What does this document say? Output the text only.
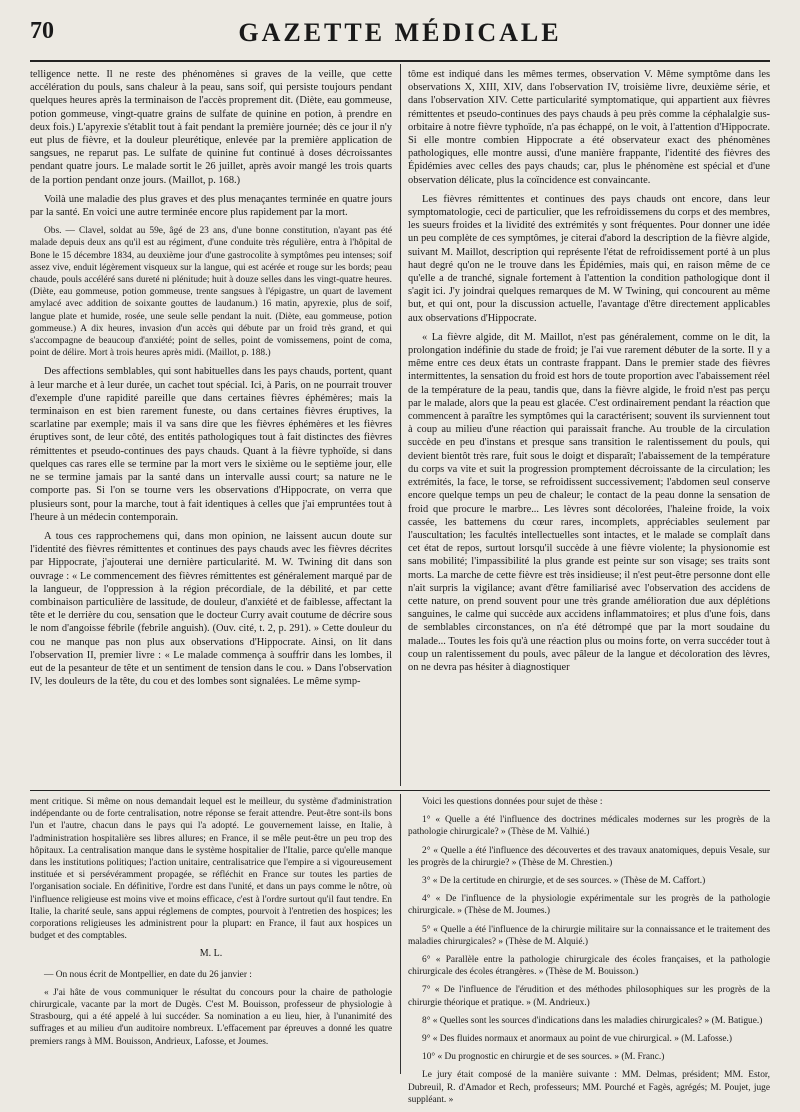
70	GAZETTE MÉDICALE

telligence nette. Il ne reste des phénomènes si graves de la veille, que cette accélération du pouls, sans chaleur à la peau, sans soif, qui persiste toujours pendant quelques heures après la terminaison de l'accès proprement dit. (Diète, eau gommeuse, potion gommeuse, vingt-quatre grains de sulfate de quinine en potion, à prendre en deux fois.) L'apyrexie s'établit tout à fait pendant la première journée; dès ce jour il n'y eut plus de fièvre, et la douleur pleurétique, enlevée par la première application de sangsues, ne reparut pas. Le sulfate de quinine fut continué à doses décroissantes pendant quatre jours. Le malade sortit le 26 juillet, après avoir mangé les trois quarts de la portion pendant onze jours. (Maillot, p. 168.)

Voilà une maladie des plus graves et des plus menaçantes terminée en quatre jours par la santé. En voici une autre terminée encore plus rapidement par la mort.

Obs. — Clavel, soldat au 59e, âgé de 23 ans, d'une bonne constitution, n'ayant pas été malade depuis deux ans qu'il est au régiment, d'une conduite très régulière, entra à l'hôpital de Bone le 15 décembre 1834, au deuxième jour d'une gastrocolite à symptômes peu intenses; soif assez vive, enduit légèrement visqueux sur la langue, qui est acérée et rouge sur les bords; peau chaude, pouls accéléré sans dureté ni plénitude; huit à douze selles dans les vingt-quatre heures. (Diète, eau gommeuse, potion gommeuse, trente sangsues à l'épigastre, un quart de lavement amylacé avec addition de soixante gouttes de laudanum.) 16 matin, apyrexie, plus de soif, langue plate et humide, rosée, une seule selle pendant la nuit. (Diète, eau gommeuse, potion gommeuse.) A dix heures, invasion d'un accès qui débute par un froid très grand, et qui s'accompagne de beaucoup d'anxiété; point de selles, point de vomissemens, point de coma, point de délire. Mort à trois heures après midi. (Maillot, p. 188.)

Des affections semblables, qui sont habituelles dans les pays chauds, portent, quant à leur marche et à leur durée, un cachet tout spécial. Ici, à Paris, on ne pourrait trouver d'exemple d'une rapidité pareille que dans certaines fièvres éphémères; mais la terminaison en est bien rarement funeste, ou dans certaines fièvres éruptives, la scarlatine par exemple; mais il va sans dire que les fièvres éphémères et les fièvres éruptives sont, de leur côté, des entités pathologiques tout à fait distinctes des fièvres rémittentes et pseudo-continues des pays chauds. Quant à la fièvre typhoïde, si dans quelques cas rares elle se termine par la mort vers le sixième ou le septième jour, elle ne se termine jamais par la santé dans un intervalle aussi court; sa nature ne le comporte pas. Si l'on se tourne vers les observations d'Hippocrate, on verra que plusieurs sont, pour la marche, tout à fait identiques à celles que j'ai empruntées tout à l'heure à un médecin contemporain.

A tous ces rapprochemens qui, dans mon opinion, ne laissent aucun doute sur l'identité des fièvres rémittentes et continues des pays chauds avec les fièvres décrites par Hippocrate, j'ajouterai une dernière particularité. M. W. Twining dit dans son ouvrage : « Le commencement des fièvres rémittentes est généralement marqué par de la langueur, de l'oppression à la région précordiale, de la débilité, et par cette combinaison particulière de lassitude, de douleur, d'anxiété et de faiblesse, affectant la tête et le derrière du cou, sensation que le docteur Curry avait coutume de décrire sous le nom d'angoisse fébrile (febrile anguish). (Ouv. cité, t. 2, p. 291). » Cette douleur du cou ne manque pas non plus aux observations d'Hippocrate. Ainsi, on lit dans l'observation II, premier livre : « Le malade commença à souffrir dans les lombes, il eut de la pesanteur de tête et un sentiment de tension dans le cou. » Dans l'observation IV, les douleurs de la tête, du cou et des lombes sont signalées. Le même symp-

tôme est indiqué dans les mêmes termes, observation V. Même symptôme dans les observations X, XIII, XIV, dans l'observation IV, troisième livre, deuxième série, et dans l'observation XIV. Cette particularité symptomatique, qui appartient aux fièvres rémittentes et pseudo-continues des pays chauds à peu près comme la céphalalgie sus-orbitaire à notre fièvre typhoïde, n'a pas échappé, on le voit, à l'attention d'Hippocrate. Si elle montre combien Hippocrate a été observateur exact des phénomènes pathologiques, elle montre aussi, d'une manière frappante, l'identité des fièvres des Épidémies avec celles des pays chauds; car, plus le phénomène est spécial et d'une observation délicate, plus la coïncidence est convaincante.

Les fièvres rémittentes et continues des pays chauds ont encore, dans leur symptomatologie, ceci de particulier, que les refroidissemens du corps et des membres, les sueurs froides et la lividité des extrémités y sont fréquentes. Pour donner une idée un peu complète de ces symptômes, je citerai d'abord la description de la fièvre algide, suivant M. Maillot, description qui représente l'état de refroidissement porté à un plus haut degré qu'on ne le trouve dans les Épidémies, mais qui, en raison même de ce qu'elle a de tranché, signale fortement à l'attention la condition pathologique dont il s'agit ici. J'y joindrai quelques remarques de M. W Twining, qui concourent au même but, et qui ont, pour la discussion actuelle, l'avantage d'être directement applicables aux observations d'Hippocrate.

« La fièvre algide, dit M. Maillot, n'est pas généralement, comme on le dit, la prolongation indéfinie du stade de froid; je l'ai vue rarement débuter de la sorte. Il y a même entre ces deux états un contraste frappant. Dans le premier stade des fièvres intermittentes, la sensation du froid est hors de toute proportion avec l'abaissement réel de la température de la peau, tandis que, dans la fièvre algide, le froid n'est pas perçu par le malade, alors que la peau est glacée. C'est ordinairement pendant la réaction que commencent à paraître les symptômes qui la caractérisent; souvent ils surviennent tout à coup au milieu d'une réaction qui paraissait franche. Au trouble de la circulation succède en peu d'instans et presque sans transition le ralentissement du pouls, qui devient bientôt très rare, fuit sous le doigt et disparaît; l'abaissement de la température du corps va vite et suit la progression promptement décroissante de la circulation; les extrémités, la face, le torse, se refroidissent successivement; l'abdomen seul conserve encore quelque temps un peu de chaleur; le contact de la peau donne la sensation de froid que procure le marbre... Les lèvres sont décolorées, l'haleine froide, la voix cassée, les battemens du cœur rares, incomplets, appréciables seulement par l'auscultation; les facultés intellectuelles sont intactes, et le malade se complaît dans cet état de repos, surtout lorsqu'il succède à une fièvre violente; la physionomie est sans mobilité; l'impassibilité la plus grande est peinte sur son visage; ses traits sont morts. La marche de cette fièvre est très insidieuse; il n'est peut-être personne dont elle n'ait surpris la vigilance; avant d'être familiarisé avec l'observation des accidens de cette nature, on prend souvent pour une très grande amélioration due aux déplétions sanguines, le calme qui succède aux accidens inflammatoires; et plus d'une fois, dans de semblables circonstances, on n'a été détrompé que par la mort soudaine du malade... Toutes les fois qu'à une réaction plus ou moins forte, on verra succéder tout à coup un ralentissement du pouls, avec pâleur de la langue et décoloration des lèvres, on ne devra pas hésiter à diagnostiquer

ment critique. Si même on nous demandait lequel est le meilleur, du système d'administration indépendante ou de forte centralisation, notre réponse se ferait attendre. Peut-être sont-ils bons l'un et l'autre, chacun dans le pays qui l'a adopté. Le gouvernement laisse, en Italie, à l'administration hospitalière ses libres allures; en France, il se mêle peut-être un peu trop des hôpitaux. La centralisation manque dans le système hospitalier de l'Italie, parce qu'elle manque dans les institutions politiques; l'action unitaire, centralisatrice que l'empire a si vigoureusement instituée et si persévéramment propagée, se réfléchit en France sur toutes les parties de l'organisation sociale. En définitive, l'ordre est dans l'unité, et dans un pays comme le nôtre, où l'influence religieuse est moins vive et moins efficace, c'est à l'ordre surtout qu'il faut tendre. En Italie, la charité seule, sans appui réglemens de comptes, pourvoit à l'entretien des hospices; les corporations religieuses les administrent pour la plupart: en France, il faut aux hospices un budget et des comptables.

M. L.

— On nous écrit de Montpellier, en date du 26 janvier :

« J'ai hâte de vous communiquer le résultat du concours pour la chaire de pathologie chirurgicale, vacante par la mort de Dugès. C'est M. Bouisson, professeur de physiologie à Strasbourg, qui a été appelé à lui succéder. Sa nomination a eu lieu, hier, à l'unanimité des suffrages et au milieu d'un auditoire nombreux. L'effacement par épreuves a donné les quatre premiers rangs à MM. Bouisson, Andrieux, Lafosse, et Joumes.

Voici les questions données pour sujet de thèse :

1° « Quelle a été l'influence des doctrines médicales modernes sur les progrès de la pathologie chirurgicale? » (Thèse de M. Valhié.)

2° « Quelle a été l'influence des découvertes et des travaux anatomiques, depuis Vesale, sur les progrès de la chirurgie? » (Thèse de M. Chrestien.)

3° « De la certitude en chirurgie, et de ses sources. » (Thèse de M. Caffort.)

4° « De l'influence de la physiologie expérimentale sur les progrès de la pathologie chirurgicale. » (Thèse de M. Joumes.)

5° « Quelle a été l'influence de la chirurgie militaire sur la connaissance et le traitement des maladies chirurgicales? » (Thèse de M. Alquié.)

6° « Parallèle entre la pathologie chirurgicale des écoles françaises, et la pathologie chirurgicale des écoles étrangères. » (Thèse de M. Bouisson.)

7° « De l'influence de l'érudition et des méthodes philosophiques sur les progrès de la chirurgie théorique et pratique. » (M. Andrieux.)

8° « Quelles sont les sources d'indications dans les maladies chirurgicales? » (M. Batigue.)

9° « Des fluides normaux et anormaux au point de vue chirurgical. » (M. Lafosse.)

10° « Du prognostic en chirurgie et de ses sources. » (M. Franc.)

Le jury était composé de la manière suivante : MM. Delmas, président; MM. Estor, Dubreuil, R. d'Amador et Rech, professeurs; MM. Pourché et Fagès, agrégés; M. Poujet, juge suppléant. »
